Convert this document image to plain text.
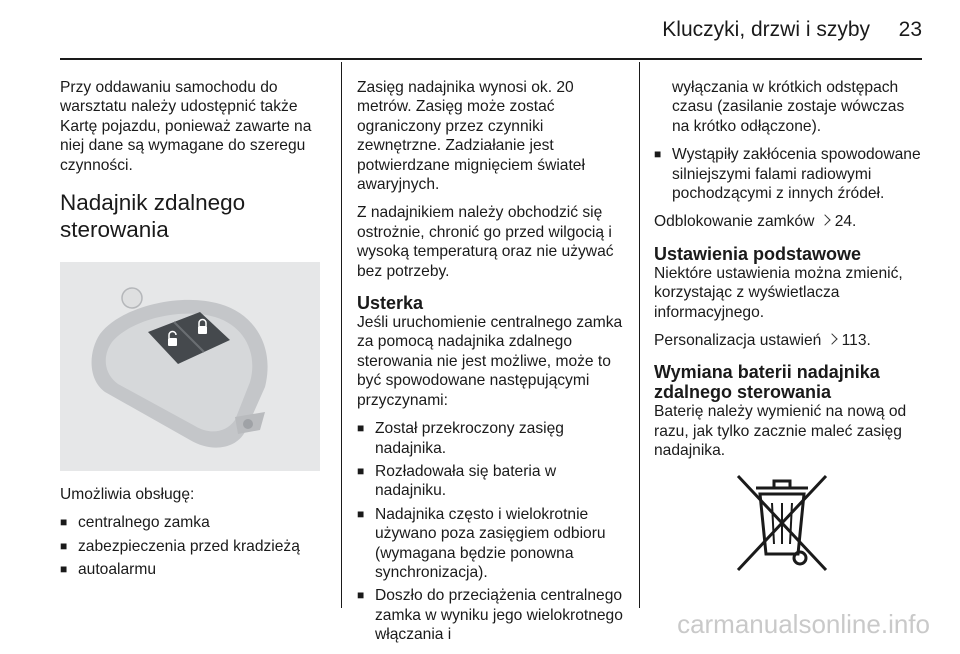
Kluczyki, drzwi i szyby 23

Przy oddawaniu samochodu do warsztatu należy udostępnić także Kartę pojazdu, ponieważ zawarte na niej dane są wymagane do szeregu czynności.

Nadajnik zdalnego sterowania

Umożliwia obsługę:

■ centralnego zamka
■ zabezpieczenia przed kradzieżą
■ autoalarmu

Zasięg nadajnika wynosi ok. 20 metrów. Zasięg może zostać ograniczony przez czynniki zewnętrzne. Zadziałanie jest potwierdzane mignięciem świateł awaryjnych.

Z nadajnikiem należy obchodzić się ostrożnie, chronić go przed wilgocią i wysoką temperaturą oraz nie używać bez potrzeby.

Usterka

Jeśli uruchomienie centralnego zamka za pomocą nadajnika zdalnego sterowania nie jest możliwe, może to być spowodowane następującymi przyczynami:

■ Został przekroczony zasięg nadajnika.
■ Rozładowała się bateria w nadajniku.
■ Nadajnika często i wielokrotnie używano poza zasięgiem odbioru (wymagana będzie ponowna synchronizacja).
■ Doszło do przeciążenia centralnego zamka w wyniku jego wielokrotnego włączania i
wyłączania w krótkich odstępach czasu (zasilanie zostaje wówczas na krótko odłączone).
■ Wystąpiły zakłócenia spowodowane silniejszymi falami radiowymi pochodzącymi z innych źródeł.

Odblokowanie zamków 24.

Ustawienia podstawowe

Niektóre ustawienia można zmienić, korzystając z wyświetlacza informacyjnego.

Personalizacja ustawień 113.

Wymiana baterii nadajnika zdalnego sterowania

Baterię należy wymienić na nową od razu, jak tylko zacznie maleć zasięg nadajnika.

carmanualsonline.info
